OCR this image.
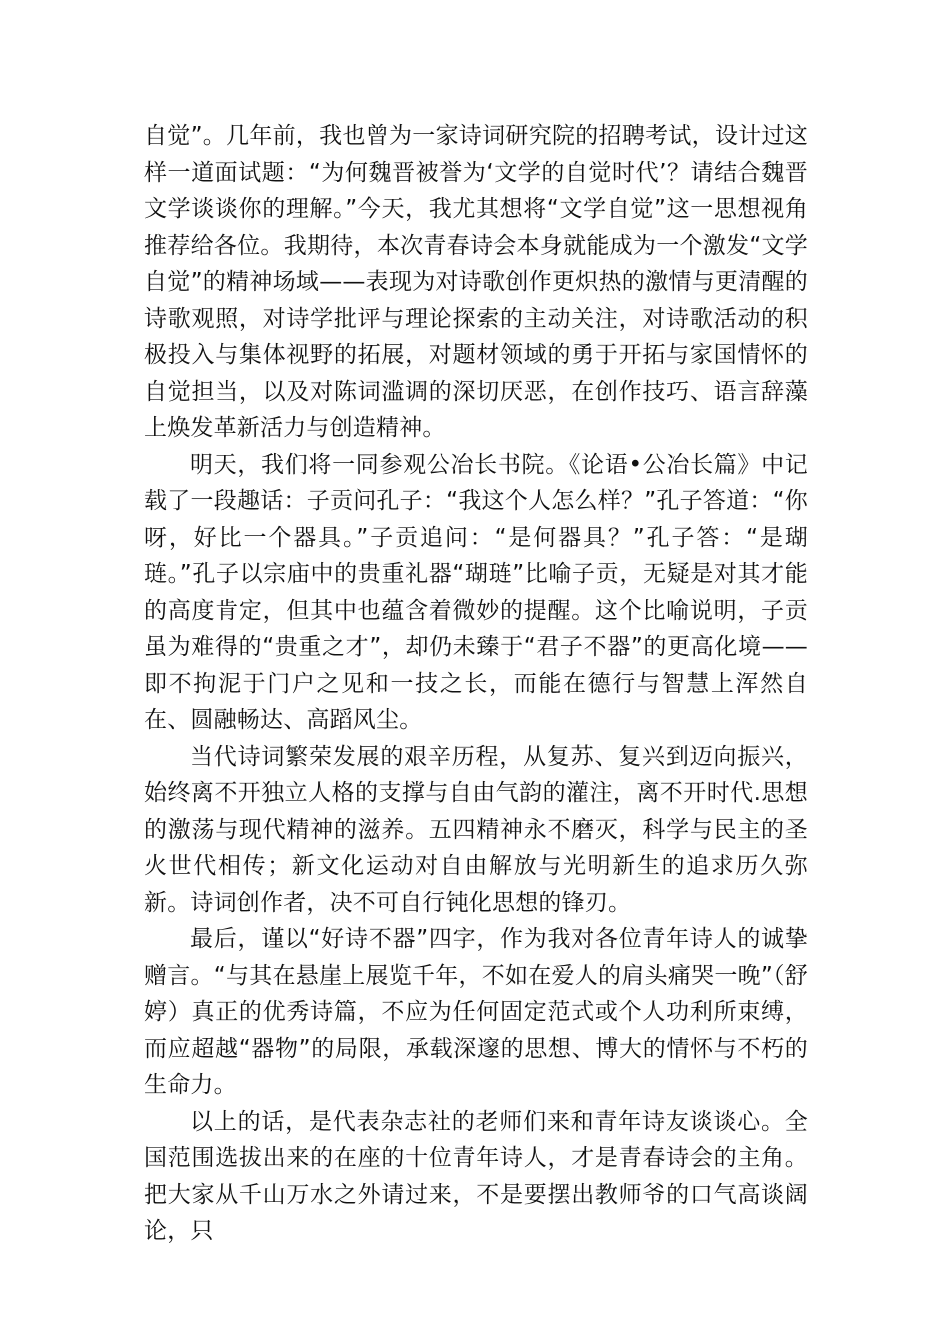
自觉”。几年前，我也曾为一家诗词研究院的招聘考试，设计过这样一道面试题：“为何魏晋被誉为‘文学的自觉时代’？请结合魏晋文学谈谈你的理解。”今天，我尤其想将“文学自觉”这一思想视角推荐给各位。我期待，本次青春诗会本身就能成为一个激发“文学自觉”的精神场域——表现为对诗歌创作更炽热的激情与更清醒的诗歌观照，对诗学批评与理论探索的主动关注，对诗歌活动的积极投入与集体视野的拓展，对题材领域的勇于开拓与家国情怀的自觉担当，以及对陈词滥调的深切厌恶，在创作技巧、语言辞藻上焕发革新活力与创造精神。

明天，我们将一同参观公冶长书院。《论语•公冶长篇》中记载了一段趣话：子贡问孔子：“我这个人怎么样？”孔子答道：“你呀，好比一个器具。”子贡追问：“是何器具？”孔子答：“是瑚琏。”孔子以宗庙中的贵重礼器“瑚琏”比喻子贡，无疑是对其才能的高度肯定，但其中也蕴含着微妙的提醒。这个比喻说明，子贡虽为难得的“贵重之才”，却仍未臻于“君子不器”的更高化境——即不拘泥于门户之见和一技之长，而能在德行与智慧上浑然自在、圆融畅达、高蹈风尘。

当代诗词繁荣发展的艰辛历程，从复苏、复兴到迈向振兴，始终离不开独立人格的支撑与自由气韵的灌注，离不开时代.思想的激荡与现代精神的滋养。五四精神永不磨灭，科学与民主的圣火世代相传；新文化运动对自由解放与光明新生的追求历久弥新。诗词创作者，决不可自行钝化思想的锋刃。

最后，谨以“好诗不器”四字，作为我对各位青年诗人的诚挚赠言。“与其在悬崖上展览千年，不如在爱人的肩头痛哭一晚”（舒婷）真正的优秀诗篇，不应为任何固定范式或个人功利所束缚，而应超越“器物”的局限，承载深邃的思想、博大的情怀与不朽的生命力。

以上的话，是代表杂志社的老师们来和青年诗友谈谈心。全国范围选拔出来的在座的十位青年诗人，才是青春诗会的主角。把大家从千山万水之外请过来，不是要摆出教师爷的口气高谈阔论，只
